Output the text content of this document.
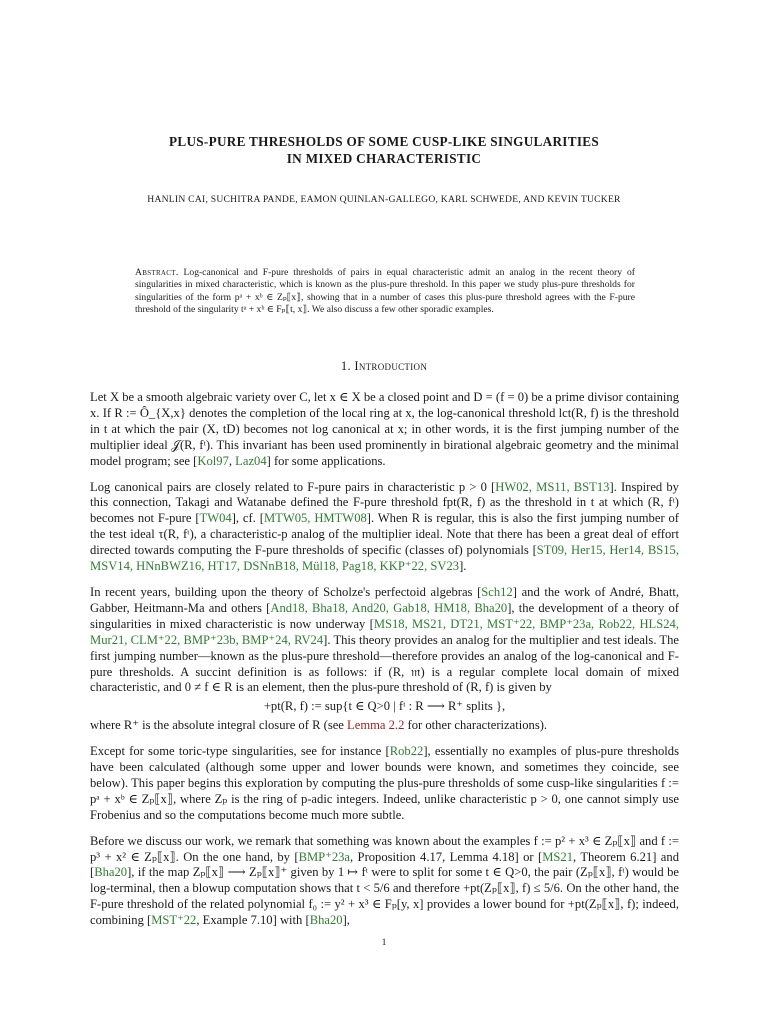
PLUS-PURE THRESHOLDS OF SOME CUSP-LIKE SINGULARITIES
IN MIXED CHARACTERISTIC
HANLIN CAI, SUCHITRA PANDE, EAMON QUINLAN-GALLEGO, KARL SCHWEDE, AND KEVIN TUCKER
Abstract. Log-canonical and F-pure thresholds of pairs in equal characteristic admit an analog in the recent theory of singularities in mixed characteristic, which is known as the plus-pure threshold. In this paper we study plus-pure thresholds for singularities of the form pᵃ + xᵇ ∈ Zₚ⟦x⟧, showing that in a number of cases this plus-pure threshold agrees with the F-pure threshold of the singularity tᵃ + xᵇ ∈ Fₚ⟦t, x⟧. We also discuss a few other sporadic examples.
1. Introduction

Let X be a smooth algebraic variety over C, let x ∈ X be a closed point and D = (f = 0) be a prime divisor containing x. If R := Ô_{X,x} denotes the completion of the local ring at x, the log-canonical threshold lct(R, f) is the threshold in t at which the pair (X, tD) becomes not log canonical at x; in other words, it is the first jumping number of the multiplier ideal 𝒥(R, fᵗ). This invariant has been used prominently in birational algebraic geometry and the minimal model program; see [Kol97, Laz04] for some applications.

Log canonical pairs are closely related to F-pure pairs in characteristic p > 0 [HW02, MS11, BST13]. Inspired by this connection, Takagi and Watanabe defined the F-pure threshold fpt(R, f) as the threshold in t at which (R, fᵗ) becomes not F-pure [TW04], cf. [MTW05, HMTW08]. When R is regular, this is also the first jumping number of the test ideal τ(R, fᵗ), a characteristic-p analog of the multiplier ideal. Note that there has been a great deal of effort directed towards computing the F-pure thresholds of specific (classes of) polynomials [ST09, Her15, Her14, BS15, MSV14, HNnBWZ16, HT17, DSNnB18, Mül18, Pag18, KKP⁺22, SV23].

In recent years, building upon the theory of Scholze's perfectoid algebras [Sch12] and the work of André, Bhatt, Gabber, Heitmann-Ma and others [And18, Bha18, And20, Gab18, HM18, Bha20], the development of a theory of singularities in mixed characteristic is now underway [MS18, MS21, DT21, MST⁺22, BMP⁺23a, Rob22, HLS24, Mur21, CLM⁺22, BMP⁺23b, BMP⁺24, RV24]. This theory provides an analog for the multiplier and test ideals. The first jumping number—known as the plus-pure threshold—therefore provides an analog of the log-canonical and F-pure thresholds. A succint definition is as follows: if (R, 𝔪) is a regular complete local domain of mixed characteristic, and 0 ≠ f ∈ R is an element, then the plus-pure threshold of (R, f) is given by

+pt(R, f) := sup{t ∈ Q>0 | fᵗ : R ⟶ R⁺ splits },

where R⁺ is the absolute integral closure of R (see Lemma 2.2 for other characterizations).

Except for some toric-type singularities, see for instance [Rob22], essentially no examples of plus-pure thresholds have been calculated (although some upper and lower bounds were known, and sometimes they coincide, see below). This paper begins this exploration by computing the plus-pure thresholds of some cusp-like singularities f := pᵃ + xᵇ ∈ Zₚ⟦x⟧, where Zₚ is the ring of p-adic integers. Indeed, unlike characteristic p > 0, one cannot simply use Frobenius and so the computations become much more subtle.

Before we discuss our work, we remark that something was known about the examples f := p² + x³ ∈ Zₚ⟦x⟧ and f := p³ + x² ∈ Zₚ⟦x⟧. On the one hand, by [BMP⁺23a, Proposition 4.17, Lemma 4.18] or [MS21, Theorem 6.21] and [Bha20], if the map Zₚ⟦x⟧ ⟶ Zₚ⟦x⟧⁺ given by 1 ↦ fᵗ were to split for some t ∈ Q>0, the pair (Zₚ⟦x⟧, fᵗ) would be log-terminal, then a blowup computation shows that t < 5/6 and therefore +pt(Zₚ⟦x⟧, f) ≤ 5/6. On the other hand, the F-pure threshold of the related polynomial f₀ := y² + x³ ∈ Fₚ[y, x] provides a lower bound for +pt(Zₚ⟦x⟧, f); indeed, combining [MST⁺22, Example 7.10] with [Bha20],

1
